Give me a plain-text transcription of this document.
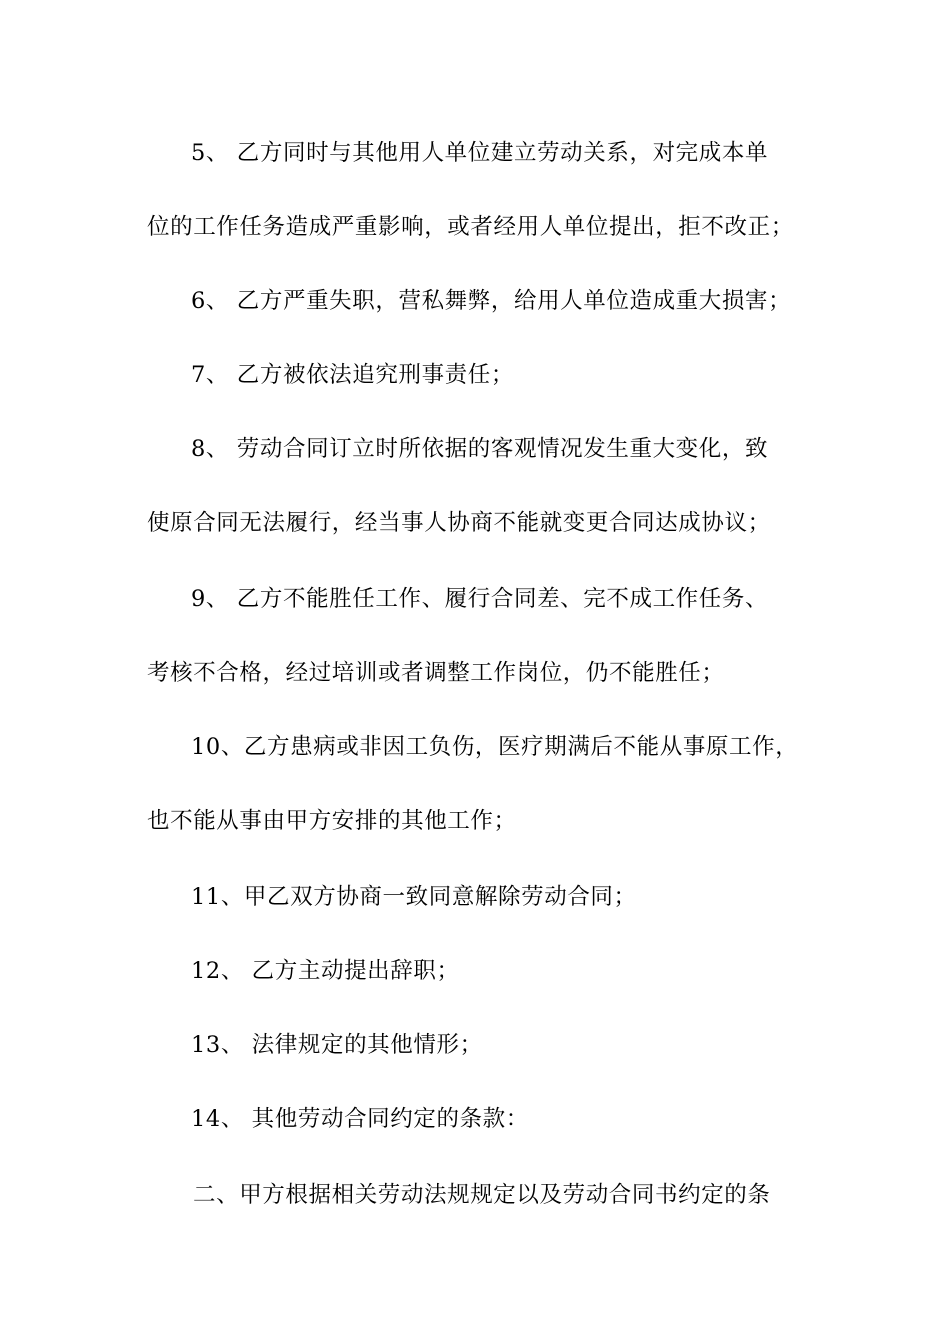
5、 乙方同时与其他用人单位建立劳动关系，对完成本单
位的工作任务造成严重影响，或者经用人单位提出，拒不改正；
6、 乙方严重失职，营私舞弊，给用人单位造成重大损害；
7、 乙方被依法追究刑事责任；
8、 劳动合同订立时所依据的客观情况发生重大变化，致
使原合同无法履行，经当事人协商不能就变更合同达成协议；
9、 乙方不能胜任工作、履行合同差、完不成工作任务、
考核不合格，经过培训或者调整工作岗位，仍不能胜任；
10、乙方患病或非因工负伤，医疗期满后不能从事原工作，
也不能从事由甲方安排的其他工作；
11、甲乙双方协商一致同意解除劳动合同；
12、 乙方主动提出辞职；
13、 法律规定的其他情形；
14、 其他劳动合同约定的条款：
二、甲方根据相关劳动法规规定以及劳动合同书约定的条
